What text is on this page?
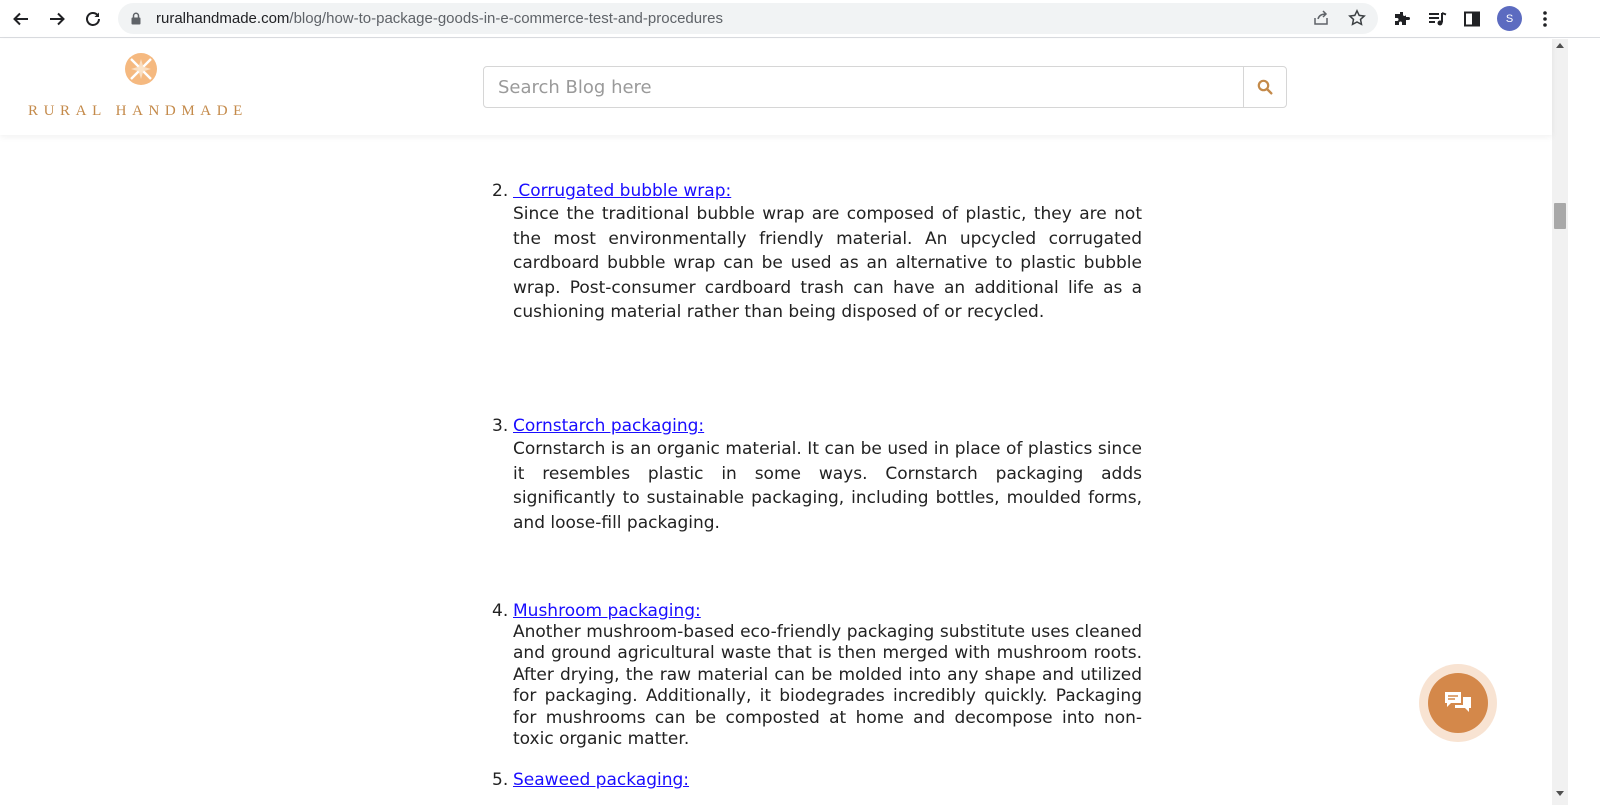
ruralhandmade.com/blog/how-to-package-goods-in-e-commerce-test-and-procedures	S
RURAL HANDMADE
Search Blog here
2. Corrugated bubble wrap:
Since the traditional bubble wrap are composed of plastic, they are not the most environmentally friendly material. An upcycled corrugated cardboard bubble wrap can be used as an alternative to plastic bubble wrap. Post-consumer cardboard trash can have an additional life as a cushioning material rather than being disposed of or recycled.
3. Cornstarch packaging:
Cornstarch is an organic material. It can be used in place of plastics since it resembles plastic in some ways. Cornstarch packaging adds significantly to sustainable packaging, including bottles, moulded forms, and loose-fill packaging.
4. Mushroom packaging:
Another mushroom-based eco-friendly packaging substitute uses cleaned and ground agricultural waste that is then merged with mushroom roots. After drying, the raw material can be molded into any shape and utilized for packaging. Additionally, it biodegrades incredibly quickly. Packaging for mushrooms can be composted at home and decompose into non-toxic organic matter.
5. Seaweed packaging:
